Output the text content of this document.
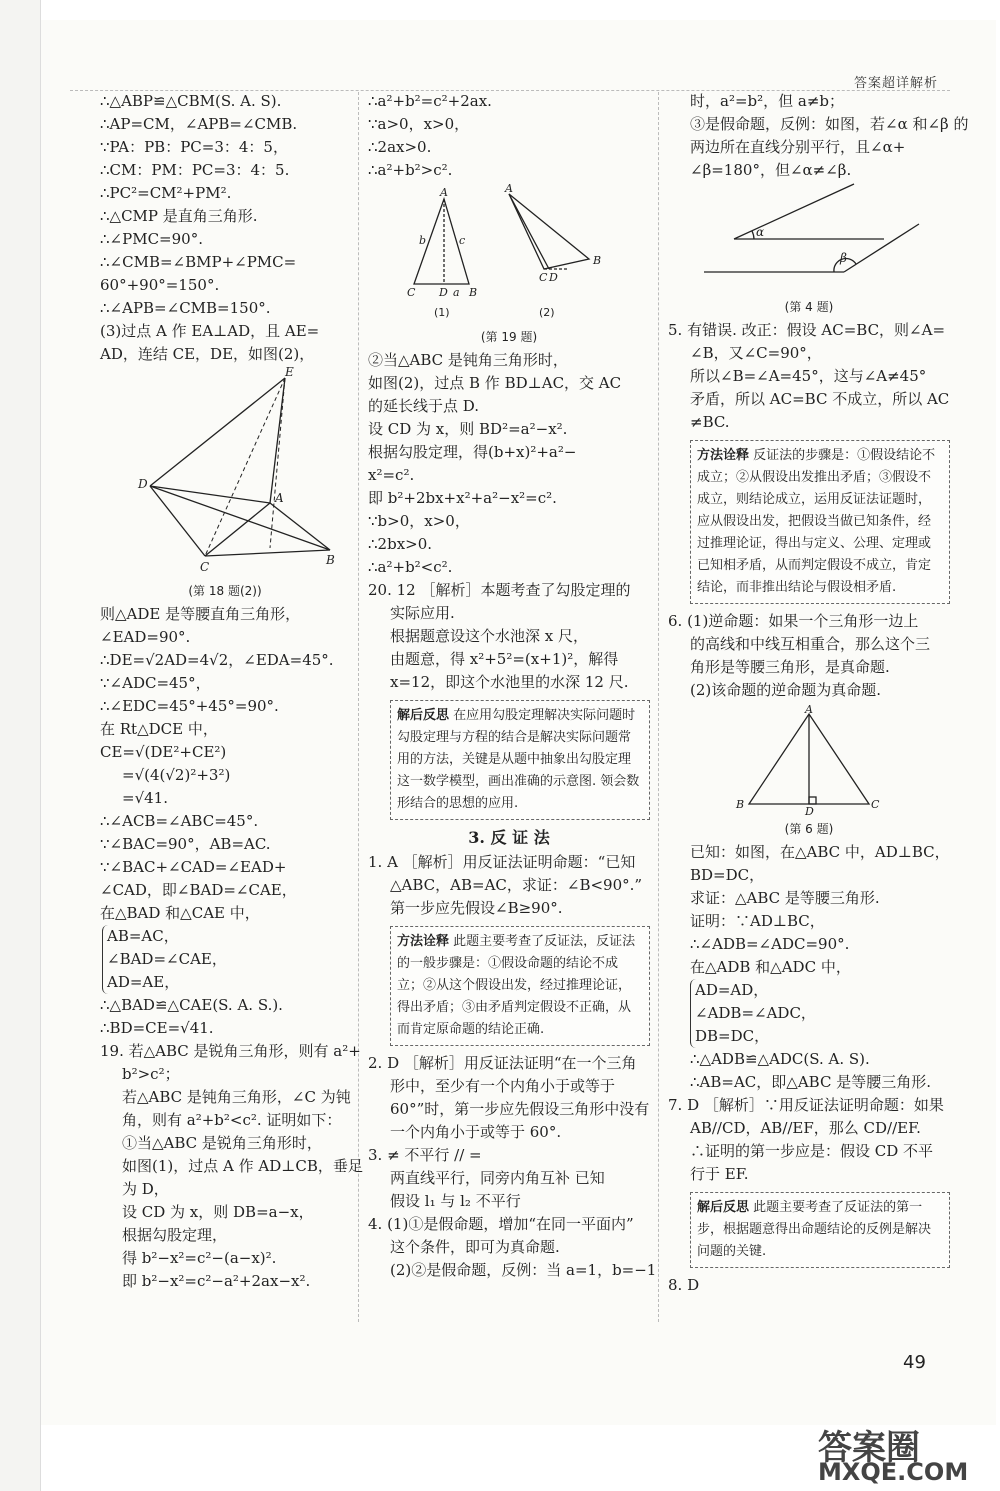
答案超详解析
∴△ABP≌△CBM(S. A. S).
∴AP=CM，∠APB=∠CMB.
∵PA：PB：PC=3：4：5，
∴CM：PM：PC=3：4：5.
∴PC²=CM²+PM².
∴△CMP 是直角三角形.
∴∠PMC=90°.
∴∠CMB=∠BMP+∠PMC=
60°+90°=150°.
∴∠APB=∠CMB=150°.
(3)过点 A 作 EA⊥AD，且 AE=
AD，连结 CE，DE，如图(2)，
E
D
A
C	B
(第 18 题(2))
则△ADE 是等腰直角三角形，
∠EAD=90°.
∴DE=√2AD=4√2，∠EDA=45°.
∵∠ADC=45°，
∴∠EDC=45°+45°=90°.
在 Rt△DCE 中，
CE=√(DE²+CE²)
=√(4(√2)²+3²)
=√41.
∴∠ACB=∠ABC=45°.
∵∠BAC=90°，AB=AC.
∵∠BAC+∠CAD=∠EAD+
∠CAD，即∠BAD=∠CAE，
在△BAD 和△CAE 中，
AB=AC，
∠BAD=∠CAE，
AD=AE，
∴△BAD≌△CAE(S. A. S.).
∴BD=CE=√41.
19. 若△ABC 是锐角三角形，则有 a²+
b²>c²；
若△ABC 是钝角三角形，∠C 为钝
角，则有 a²+b²<c². 证明如下：
①当△ABC 是锐角三角形时，
如图(1)，过点 A 作 AD⊥CB，垂足
为 D，
设 CD 为 x，则 DB=a−x，
根据勾股定理，
得 b²−x²=c²−(a−x)².
即 b²−x²=c²−a²+2ax−x².
∴a²+b²=c²+2ax.
∵a>0，x>0，
∴2ax>0.
∴a²+b²>c².
A
b	c
C D a B
A
C
B
D
(1)	(2)
(第 19 题)
②当△ABC 是钝角三角形时，
如图(2)，过点 B 作 BD⊥AC，交 AC
的延长线于点 D.
设 CD 为 x，则 BD²=a²−x².
根据勾股定理，得(b+x)²+a²−
x²=c².
即 b²+2bx+x²+a²−x²=c².
∵b>0，x>0，
∴2bx>0.
∴a²+b²<c².
20. 12 ［解析］本题考查了勾股定理的
实际应用.
根据题意设这个水池深 x 尺，
由题意，得 x²+5²=(x+1)²，解得
x=12，即这个水池里的水深 12 尺.
解后反思 在应用勾股定理解决实际问题时勾股定理与方程的结合是解决实际问题常用的方法，关键是从题中抽象出勾股定理这一数学模型，画出准确的示意图. 领会数形结合的思想的应用.
3. 反 证 法
1. A ［解析］用反证法证明命题：“已知
△ABC，AB=AC，求证：∠B<90°.”
第一步应先假设∠B≥90°.
方法诠释 此题主要考查了反证法，反证法的一般步骤是：①假设命题的结论不成立；②从这个假设出发，经过推理论证，得出矛盾；③由矛盾判定假设不正确，从而肯定原命题的结论正确.
2. D ［解析］用反证法证明“在一个三角
形中，至少有一个内角小于或等于
60°”时，第一步应先假设三角形中没有
一个内角小于或等于 60°.
3. ≠ 不平行 // =
两直线平行，同旁内角互补 已知
假设 l₁ 与 l₂ 不平行
4. (1)①是假命题，增加“在同一平面内”
这个条件，即可为真命题.
(2)②是假命题，反例：当 a=1，b=−1
时，a²=b²，但 a≠b；
③是假命题，反例：如图，若∠α 和∠β 的
两边所在直线分别平行，且∠α+
∠β=180°，但∠α≠∠β.
α
β
(第 4 题)
5. 有错误. 改正：假设 AC=BC，则∠A=
∠B，又∠C=90°，
所以∠B=∠A=45°，这与∠A≠45°
矛盾，所以 AC=BC 不成立，所以 AC
≠BC.
方法诠释 反证法的步骤是：①假设结论不成立；②从假设出发推出矛盾；③假设不成立，则结论成立，运用反证法证题时，应从假设出发，把假设当做已知条件，经过推理论证，得出与定义、公理、定理或已知相矛盾，从而判定假设不成立，肯定结论，而非推出结论与假设相矛盾.
6. (1)逆命题：如果一个三角形一边上
的高线和中线互相重合，那么这个三
角形是等腰三角形，是真命题.
(2)该命题的逆命题为真命题.
A
B
D
C
(第 6 题)
已知：如图，在△ABC 中，AD⊥BC，
BD=DC，
求证：△ABC 是等腰三角形.
证明：∵AD⊥BC，
∴∠ADB=∠ADC=90°.
在△ADB 和△ADC 中，
AD=AD，
∠ADB=∠ADC，
DB=DC，
∴△ADB≌△ADC(S. A. S).
∴AB=AC，即△ABC 是等腰三角形.
7. D ［解析］∵用反证法证明命题：如果
AB//CD，AB//EF，那么 CD//EF.
∴证明的第一步应是：假设 CD 不平
行于 EF.
解后反思 此题主要考查了反证法的第一步，根据题意得出命题结论的反例是解决问题的关键.
8. D
49
答案圈
MXQE.COM
